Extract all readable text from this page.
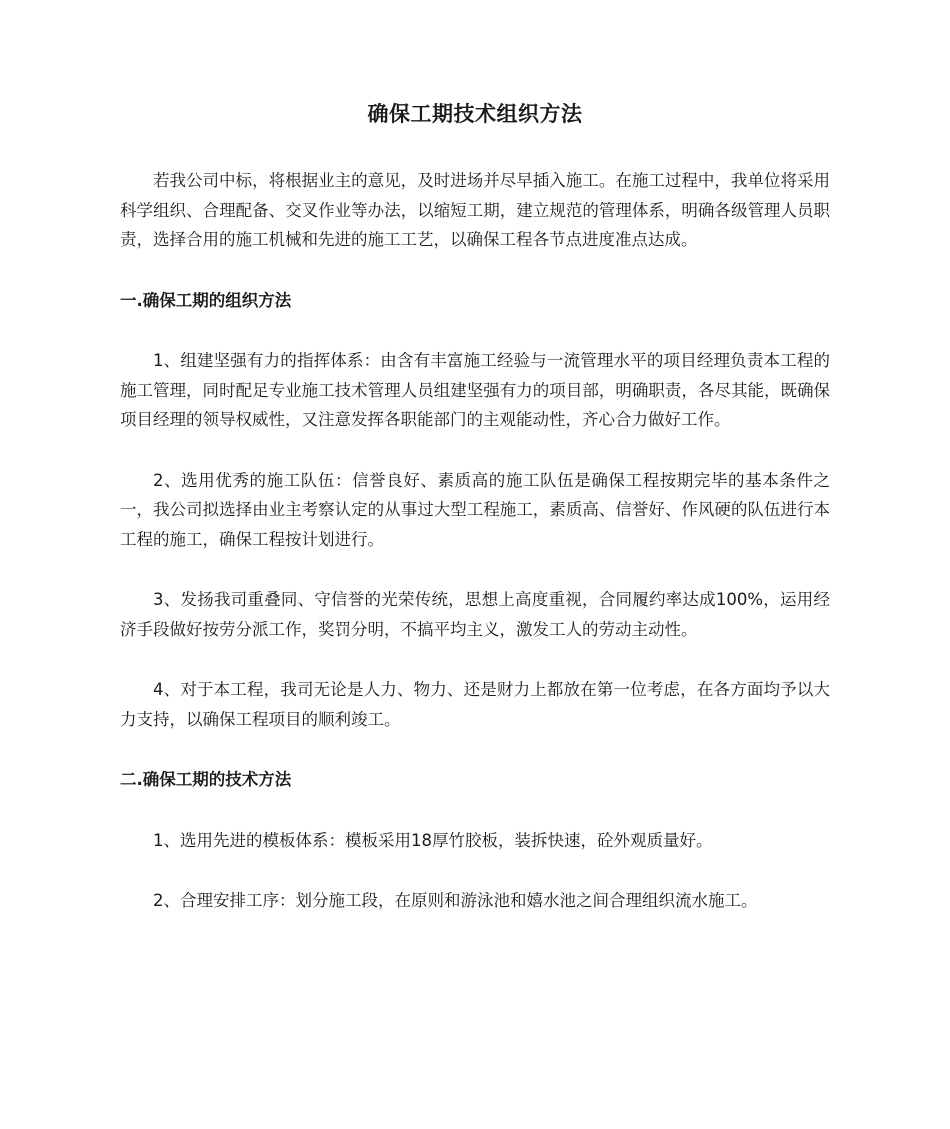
确保工期技术组织方法

若我公司中标，将根据业主的意见，及时进场并尽早插入施工。在施工过程中，我单位将采用科学组织、合理配备、交叉作业等办法，以缩短工期，建立规范的管理体系，明确各级管理人员职责，选择合用的施工机械和先进的施工工艺，以确保工程各节点进度准点达成。

一.确保工期的组织方法

1、组建坚强有力的指挥体系：由含有丰富施工经验与一流管理水平的项目经理负责本工程的施工管理，同时配足专业施工技术管理人员组建坚强有力的项目部，明确职责，各尽其能，既确保项目经理的领导权威性，又注意发挥各职能部门的主观能动性，齐心合力做好工作。

2、选用优秀的施工队伍：信誉良好、素质高的施工队伍是确保工程按期完毕的基本条件之一，我公司拟选择由业主考察认定的从事过大型工程施工，素质高、信誉好、作风硬的队伍进行本工程的施工，确保工程按计划进行。

3、发扬我司重叠同、守信誉的光荣传统，思想上高度重视，合同履约率达成100%，运用经济手段做好按劳分派工作，奖罚分明，不搞平均主义，激发工人的劳动主动性。

4、对于本工程，我司无论是人力、物力、还是财力上都放在第一位考虑，在各方面均予以大力支持，以确保工程项目的顺利竣工。

二.确保工期的技术方法

1、选用先进的模板体系：模板采用18厚竹胶板，装拆快速，砼外观质量好。

2、合理安排工序：划分施工段，在原则和游泳池和嬉水池之间合理组织流水施工。
